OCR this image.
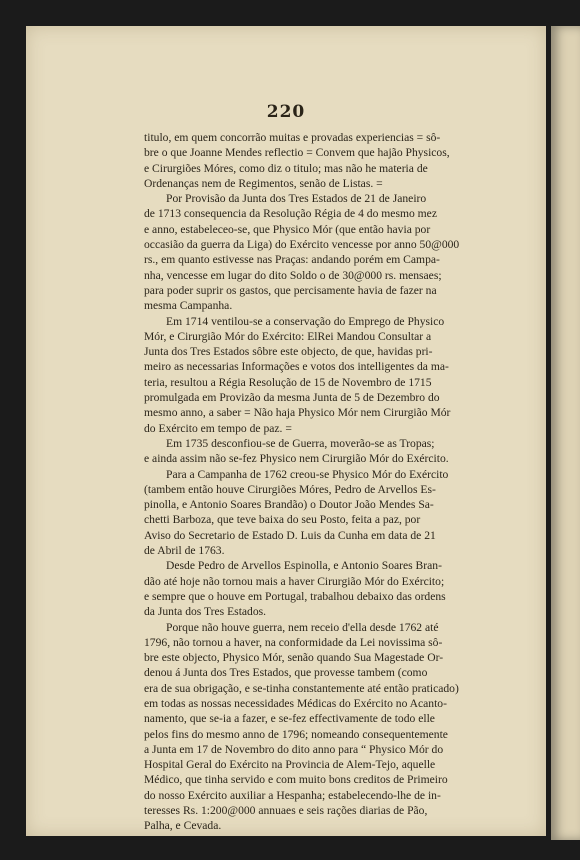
220
titulo, em quem concorrão muitas e provadas experiencias = sô-
bre o que Joanne Mendes reflectio = Convem que hajão Physicos,
e Cirurgiões Móres, como diz o titulo; mas não he materia de
Ordenanças nem de Regimentos, senão de Listas. =
Por Provisão da Junta dos Tres Estados de 21 de Janeiro
de 1713 consequencia da Resolução Régia de 4 do mesmo mez
e anno, estabeleceo-se, que Physico Mór (que então havia por
occasião da guerra da Liga) do Exército vencesse por anno 50@000
rs., em quanto estivesse nas Praças: andando porém em Campa-
nha, vencesse em lugar do dito Soldo o de 30@000 rs. mensaes;
para poder suprir os gastos, que percisamente havia de fazer na
mesma Campanha.
Em 1714 ventilou-se a conservação do Emprego de Physico
Mór, e Cirurgião Mór do Exército: ElRei Mandou Consultar a
Junta dos Tres Estados sôbre este objecto, de que, havidas pri-
meiro as necessarias Informações e votos dos intelligentes da ma-
teria, resultou a Régia Resolução de 15 de Novembro de 1715
promulgada em Provizão da mesma Junta de 5 de Dezembro do
mesmo anno, a saber = Não haja Physico Mór nem Cirurgião Mór
do Exército em tempo de paz. =
Em 1735 desconfiou-se de Guerra, moverão-se as Tropas;
e ainda assim não se-fez Physico nem Cirurgião Mór do Exército.
Para a Campanha de 1762 creou-se Physico Mór do Exército
(tambem então houve Cirurgiões Móres, Pedro de Arvellos Es-
pinolla, e Antonio Soares Brandão) o Doutor João Mendes Sa-
chetti Barboza, que teve baixa do seu Posto, feita a paz, por
Aviso do Secretario de Estado D. Luis da Cunha em data de 21
de Abril de 1763.
Desde Pedro de Arvellos Espinolla, e Antonio Soares Bran-
dão até hoje não tornou mais a haver Cirurgião Mór do Exército;
e sempre que o houve em Portugal, trabalhou debaixo das ordens
da Junta dos Tres Estados.
Porque não houve guerra, nem receio d'ella desde 1762 até
1796, não tornou a haver, na conformidade da Lei novissima sô-
bre este objecto, Physico Mór, senão quando Sua Magestade Or-
denou á Junta dos Tres Estados, que provesse tambem (como
era de sua obrigação, e se-tinha constantemente até então praticado)
em todas as nossas necessidades Médicas do Exército no Acanto-
namento, que se-ia a fazer, e se-fez effectivamente de todo elle
pelos fins do mesmo anno de 1796; nomeando consequentemente
a Junta em 17 de Novembro do dito anno para “ Physico Mór do
Hospital Geral do Exército na Provincia de Alem-Tejo, aquelle
Médico, que tinha servido e com muito bons creditos de Primeiro
do nosso Exército auxiliar a Hespanha; estabelecendo-lhe de in-
teresses Rs. 1:200@000 annuaes e seis rações diarias de Pão,
Palha, e Cevada.
